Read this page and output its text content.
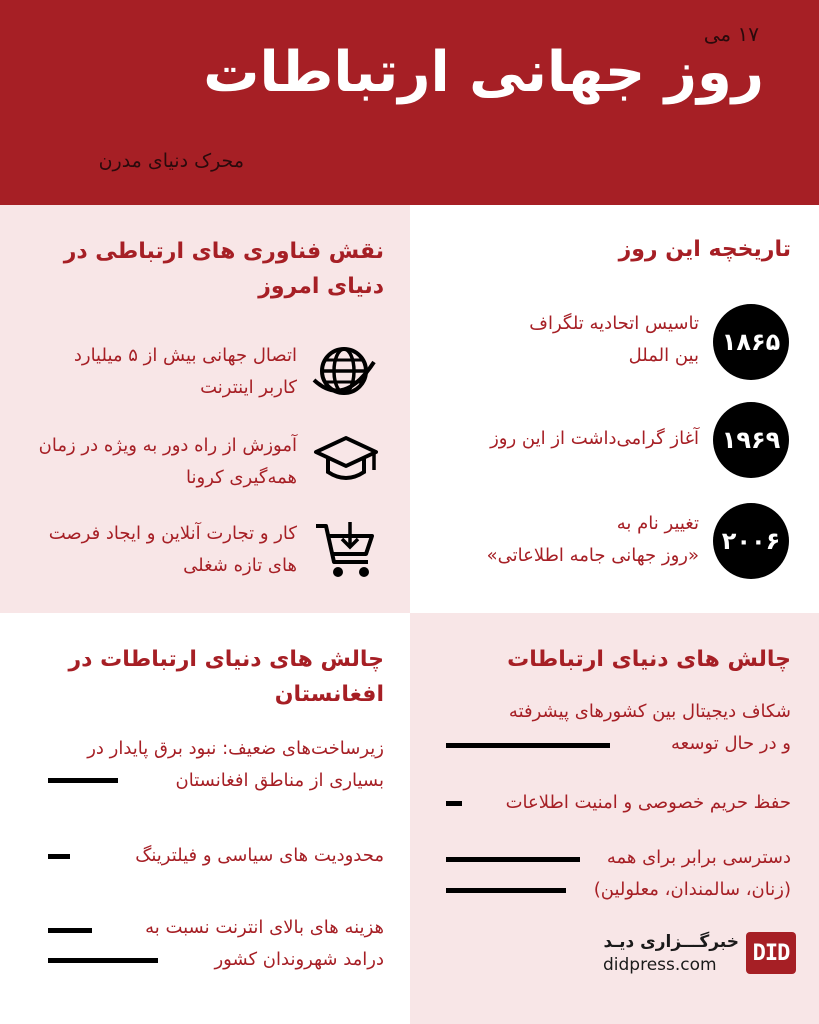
۱۷ می
روز جهانی ارتباطات
محرک دنیای مدرن
تاریخچه این روز
۱۸۶۵
تاسیس اتحادیه تلگراف
بین الملل
۱۹۶۹
آغاز گرامی‌داشت از این روز
۲۰۰۶
تغییر نام به
«روز جهانی جامه اطلاعاتی»
نقش فناوری های ارتباطی در
دنیای امروز
اتصال جهانی بیش از ۵ میلیارد
کاربر اینترنت
آموزش از راه دور به ویژه در زمان
همه‌گیری کرونا
کار و تجارت آنلاین و ایجاد فرصت
های تازه شغلی
چالش های دنیای ارتباطات
شکاف دیجیتال بین کشورهای پیشرفته
و در حال توسعه
حفظ حریم خصوصی و امنیت اطلاعات
دسترسی برابر برای همه
(زنان، سالمندان، معلولین)
چالش های دنیای ارتباطات در
افغانستان
زیرساخت‌های ضعیف: نبود برق پایدار در
بسیاری از مناطق افغانستان
محدودیت های سیاسی و فیلترینگ
هزینه های بالای انترنت نسبت به
درامد شهروندان کشور
خبرگـــزاری دیـد
didpress.com	DID
